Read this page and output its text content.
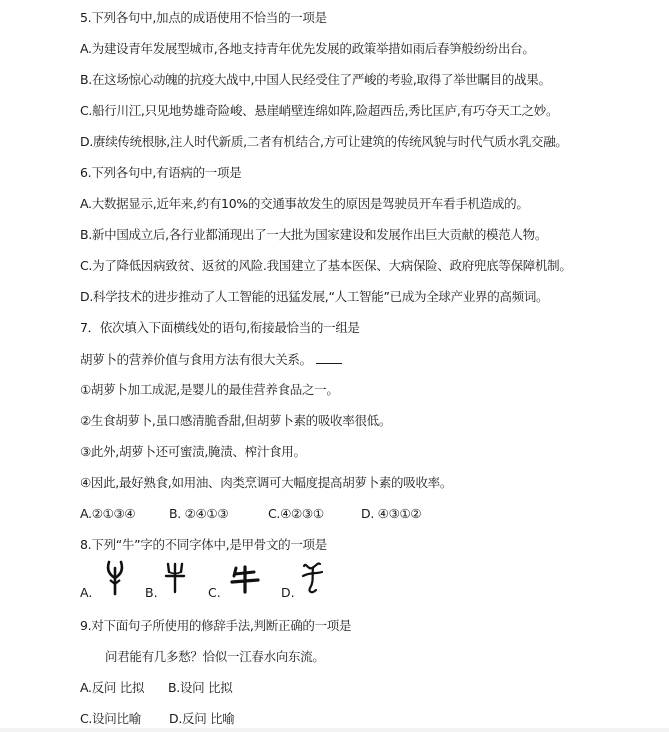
5.下列各句中,加点的成语使用不恰当的一项是
A.为建设青年发展型城市,各地支持青年优先发展的政策举措如雨后春笋般纷纷出台。
B.在这场惊心动魄的抗疫大战中,中国人民经受住了严峻的考验,取得了举世瞩目的战果。
C.船行川江,只见地势雄奇险峻、悬崖峭壁连绵如阵,险超西岳,秀比匡庐,有巧夺天工之妙。
D.赓续传统根脉,注人时代新质,二者有机结合,方可让建筑的传统风貌与时代气质水乳交融。
6.下列各句中,有语病的一项是
A.大数据显示,近年来,约有10%的交通事故发生的原因是驾驶员开车看手机造成的。
B.新中国成立后,各行业都涌现出了一大批为国家建设和发展作出巨大贡献的模范人物。
C.为了降低因病致贫、返贫的风险.我国建立了基本医保、大病保险、政府兜底等保障机制。
D.科学技术的进步推动了人工智能的迅猛发展,“人工智能”已成为全球产业界的高频词。
7．依次填入下面横线处的语句,衔接最恰当的一组是
胡萝卜的营养价值与食用方法有很大关系。
①胡萝卜加工成泥,是婴儿的最佳营养食品之一。
②生食胡萝卜,虽口感清脆香甜,但胡萝卜素的吸收率很低。
③此外,胡萝卜还可蜜渍,腌渍、榨汁食用。
④因此,最好熟食,如用油、肉类烹调可大幅度提高胡萝卜素的吸收率。
A.②①③④	B. ②④①③	C.④②③①	D. ④③①②
8.下列“牛”字的不同字体中,是甲骨文的一项是
A.	B.	C.	D.
9.对下面句子所使用的修辞手法,判断正确的一项是
问君能有几多愁？恰似一江春水向东流。
A.反问 比拟 B.设问 比拟
C.设问比喻 D.反问 比喻
